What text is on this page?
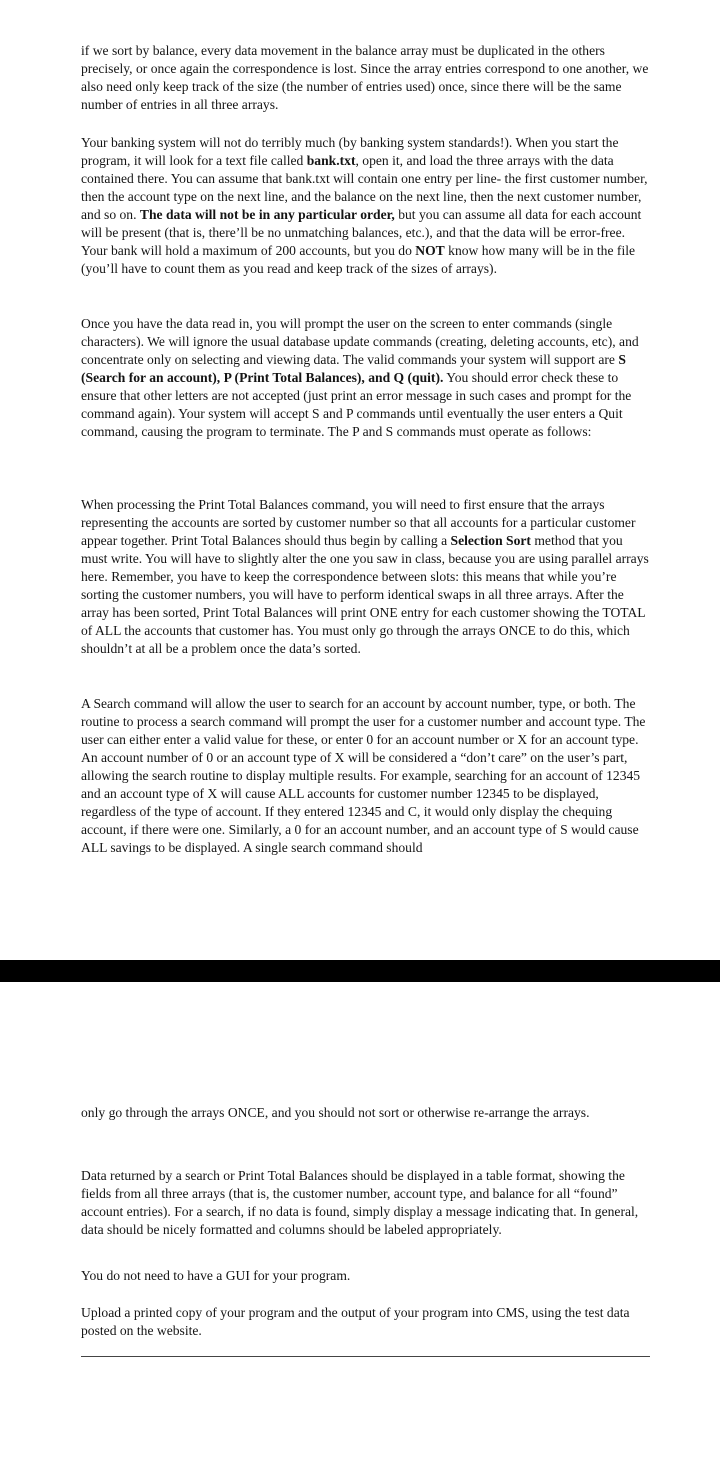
if we sort by balance, every data movement in the balance array must be duplicated in the others precisely, or once again the correspondence is lost. Since the array entries correspond to one another, we also need only keep track of the size (the number of entries used) once, since there will be the same number of entries in all three arrays.

Your banking system will not do terribly much (by banking system standards!). When you start the program, it will look for a text file called bank.txt, open it, and load the three arrays with the data contained there. You can assume that bank.txt will contain one entry per line- the first customer number, then the account type on the next line, and the balance on the next line, then the next customer number, and so on. The data will not be in any particular order, but you can assume all data for each account will be present (that is, there’ll be no unmatching balances, etc.), and that the data will be error-free. Your bank will hold a maximum of 200 accounts, but you do NOT know how many will be in the file (you’ll have to count them as you read and keep track of the sizes of arrays).

Once you have the data read in, you will prompt the user on the screen to enter commands (single characters). We will ignore the usual database update commands (creating, deleting accounts, etc), and concentrate only on selecting and viewing data. The valid commands your system will support are S (Search for an account), P (Print Total Balances), and Q (quit). You should error check these to ensure that other letters are not accepted (just print an error message in such cases and prompt for the command again). Your system will accept S and P commands until eventually the user enters a Quit command, causing the program to terminate. The P and S commands must operate as follows:

When processing the Print Total Balances command, you will need to first ensure that the arrays representing the accounts are sorted by customer number so that all accounts for a particular customer appear together. Print Total Balances should thus begin by calling a Selection Sort method that you must write. You will have to slightly alter the one you saw in class, because you are using parallel arrays here. Remember, you have to keep the correspondence between slots: this means that while you’re sorting the customer numbers, you will have to perform identical swaps in all three arrays. After the array has been sorted, Print Total Balances will print ONE entry for each customer showing the TOTAL of ALL the accounts that customer has. You must only go through the arrays ONCE to do this, which shouldn’t at all be a problem once the data’s sorted.

A Search command will allow the user to search for an account by account number, type, or both. The routine to process a search command will prompt the user for a customer number and account type. The user can either enter a valid value for these, or enter 0 for an account number or X for an account type. An account number of 0 or an account type of X will be considered a “don’t care” on the user’s part, allowing the search routine to display multiple results. For example, searching for an account of 12345 and an account type of X will cause ALL accounts for customer number 12345 to be displayed, regardless of the type of account. If they entered 12345 and C, it would only display the chequing account, if there were one. Similarly, a 0 for an account number, and an account type of S would cause ALL savings to be displayed. A single search command should

only go through the arrays ONCE, and you should not sort or otherwise re-arrange the arrays.

Data returned by a search or Print Total Balances should be displayed in a table format, showing the fields from all three arrays (that is, the customer number, account type, and balance for all “found” account entries). For a search, if no data is found, simply display a message indicating that. In general, data should be nicely formatted and columns should be labeled appropriately.

You do not need to have a GUI for your program.

Upload a printed copy of your program and the output of your program into CMS, using the test data posted on the website.
